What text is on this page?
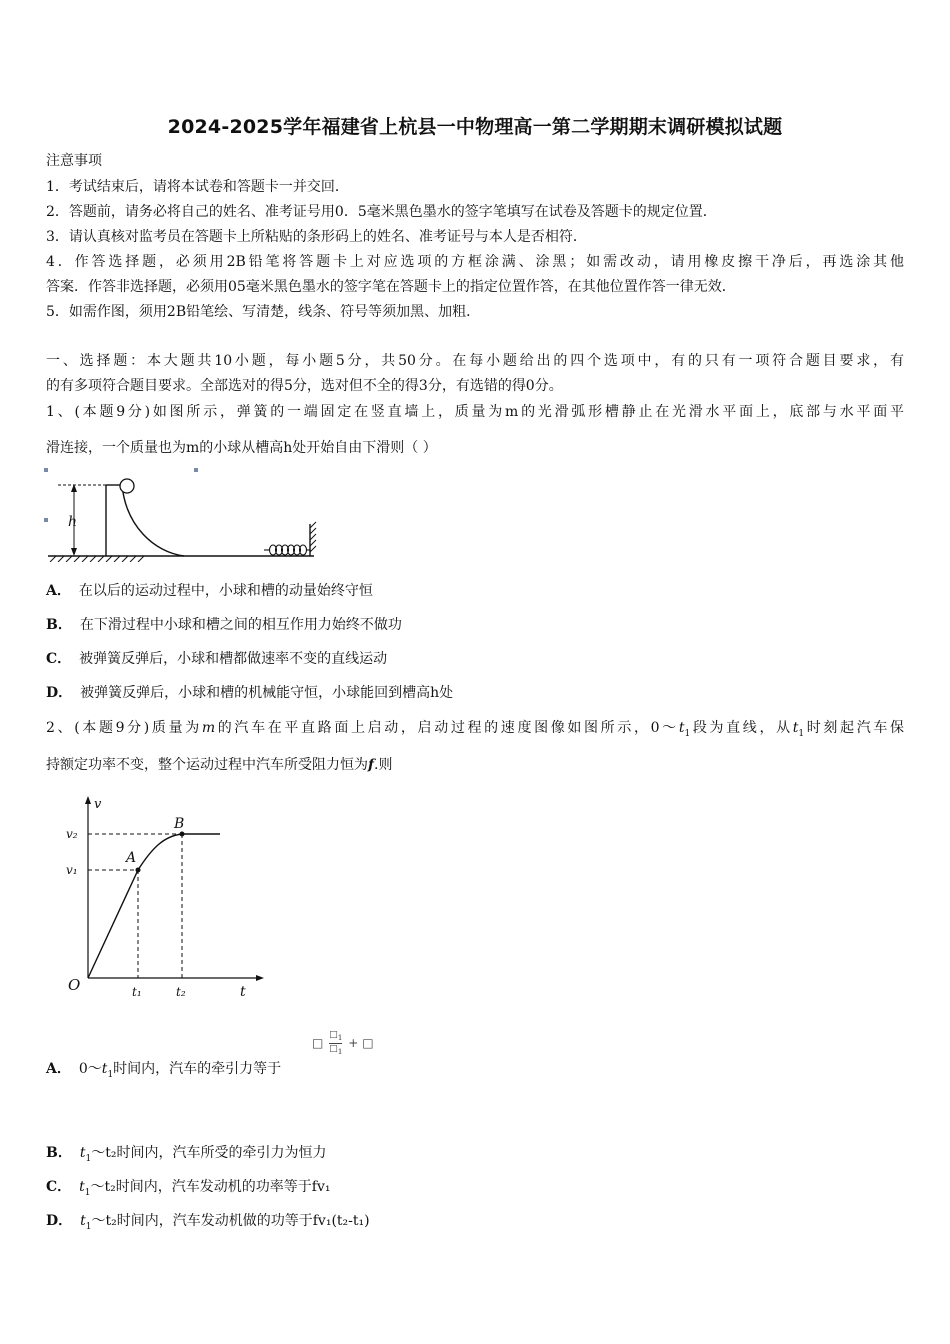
2024-2025学年福建省上杭县一中物理高一第二学期期末调研模拟试题
注意事项
1．考试结束后，请将本试卷和答题卡一并交回．
2．答题前，请务必将自己的姓名、准考证号用0．5毫米黑色墨水的签字笔填写在试卷及答题卡的规定位置．
3．请认真核对监考员在答题卡上所粘贴的条形码上的姓名、准考证号与本人是否相符．
4．作答选择题，必须用2B铅笔将答题卡上对应选项的方框涂满、涂黑；如需改动，请用橡皮擦干净后，再选涂其他
答案．作答非选择题，必须用05毫米黑色墨水的签字笔在答题卡上的指定位置作答，在其他位置作答一律无效．
5．如需作图，须用2B铅笔绘、写清楚，线条、符号等须加黑、加粗．
一、选择题：本大题共10小题，每小题5分，共50分。在每小题给出的四个选项中，有的只有一项符合题目要求，有
的有多项符合题目要求。全部选对的得5分，选对但不全的得3分，有选错的得0分。
1、(本题9分)如图所示，弹簧的一端固定在竖直墙上，质量为m的光滑弧形槽静止在光滑水平面上，底部与水平面平
滑连接，一个质量也为m的小球从槽高h处开始自由下滑则（ ）
h
A． 在以后的运动过程中，小球和槽的动量始终守恒
B． 在下滑过程中小球和槽之间的相互作用力始终不做功
C． 被弹簧反弹后，小球和槽都做速率不变的直线运动
D． 被弹簧反弹后，小球和槽的机械能守恒，小球能回到槽高h处
2、(本题9分)质量为m的汽车在平直路面上启动，启动过程的速度图像如图所示，$0\sim t_1$段为直线，从$t_1$时刻起汽车保
持额定功率不变，整个运动过程中汽车所受阻力恒为f.则
v
t
O
A
B
v₂
v₁
t₁	t₂
□ $\frac{□_1}{□_1}$ + □
A． $0\sim t_1$时间内，汽车的牵引力等于
B． $t_1\sim t_2$时间内，汽车所受的牵引力为恒力
C． $t_1\sim t_2$时间内，汽车发动机的功率等于fv₁
D． $t_1\sim t_2$时间内，汽车发动机做的功等于fv₁(t₂-t₁)
